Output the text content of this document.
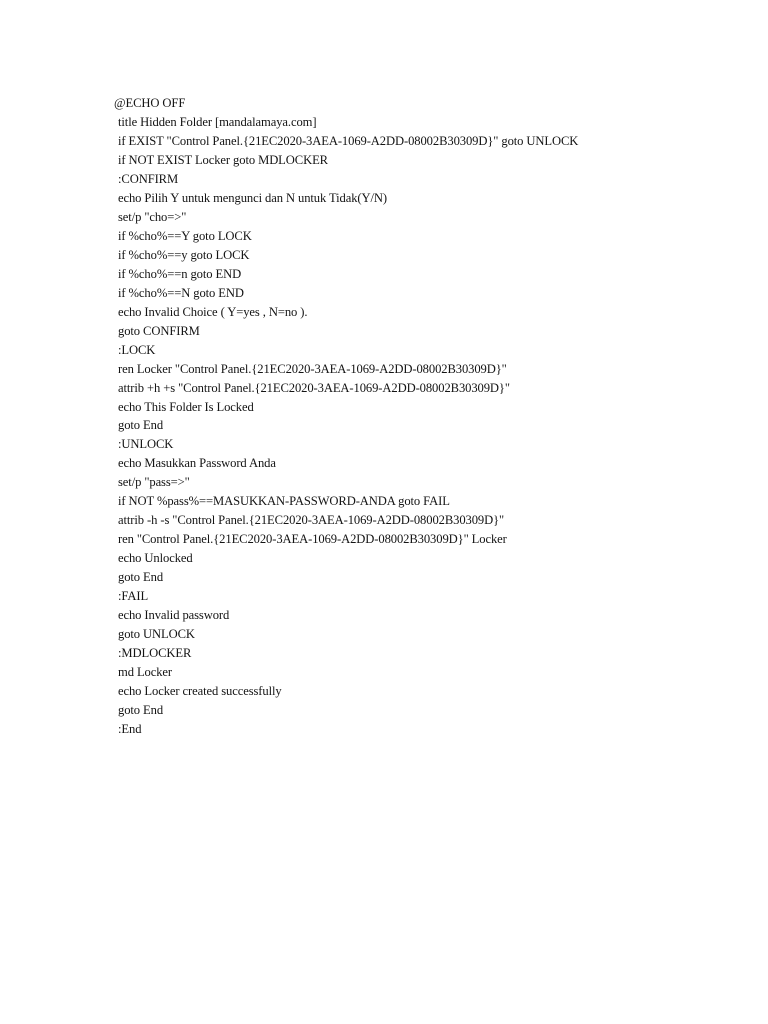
@ECHO OFF
title Hidden Folder [mandalamaya.com]
if EXIST "Control Panel.{21EC2020-3AEA-1069-A2DD-08002B30309D}" goto UNLOCK
if NOT EXIST Locker goto MDLOCKER
:CONFIRM
echo Pilih Y untuk mengunci dan N untuk Tidak(Y/N)
set/p "cho=>"
if %cho%==Y goto LOCK
if %cho%==y goto LOCK
if %cho%==n goto END
if %cho%==N goto END
echo Invalid Choice ( Y=yes , N=no ).
goto CONFIRM
:LOCK
ren Locker "Control Panel.{21EC2020-3AEA-1069-A2DD-08002B30309D}"
attrib +h +s "Control Panel.{21EC2020-3AEA-1069-A2DD-08002B30309D}"
echo This Folder Is Locked
goto End
:UNLOCK
echo Masukkan Password Anda
set/p "pass=>"
if NOT %pass%==MASUKKAN-PASSWORD-ANDA goto FAIL
attrib -h -s "Control Panel.{21EC2020-3AEA-1069-A2DD-08002B30309D}"
ren "Control Panel.{21EC2020-3AEA-1069-A2DD-08002B30309D}" Locker
echo Unlocked
goto End
:FAIL
echo Invalid password
goto UNLOCK
:MDLOCKER
md Locker
echo Locker created successfully
goto End
:End
